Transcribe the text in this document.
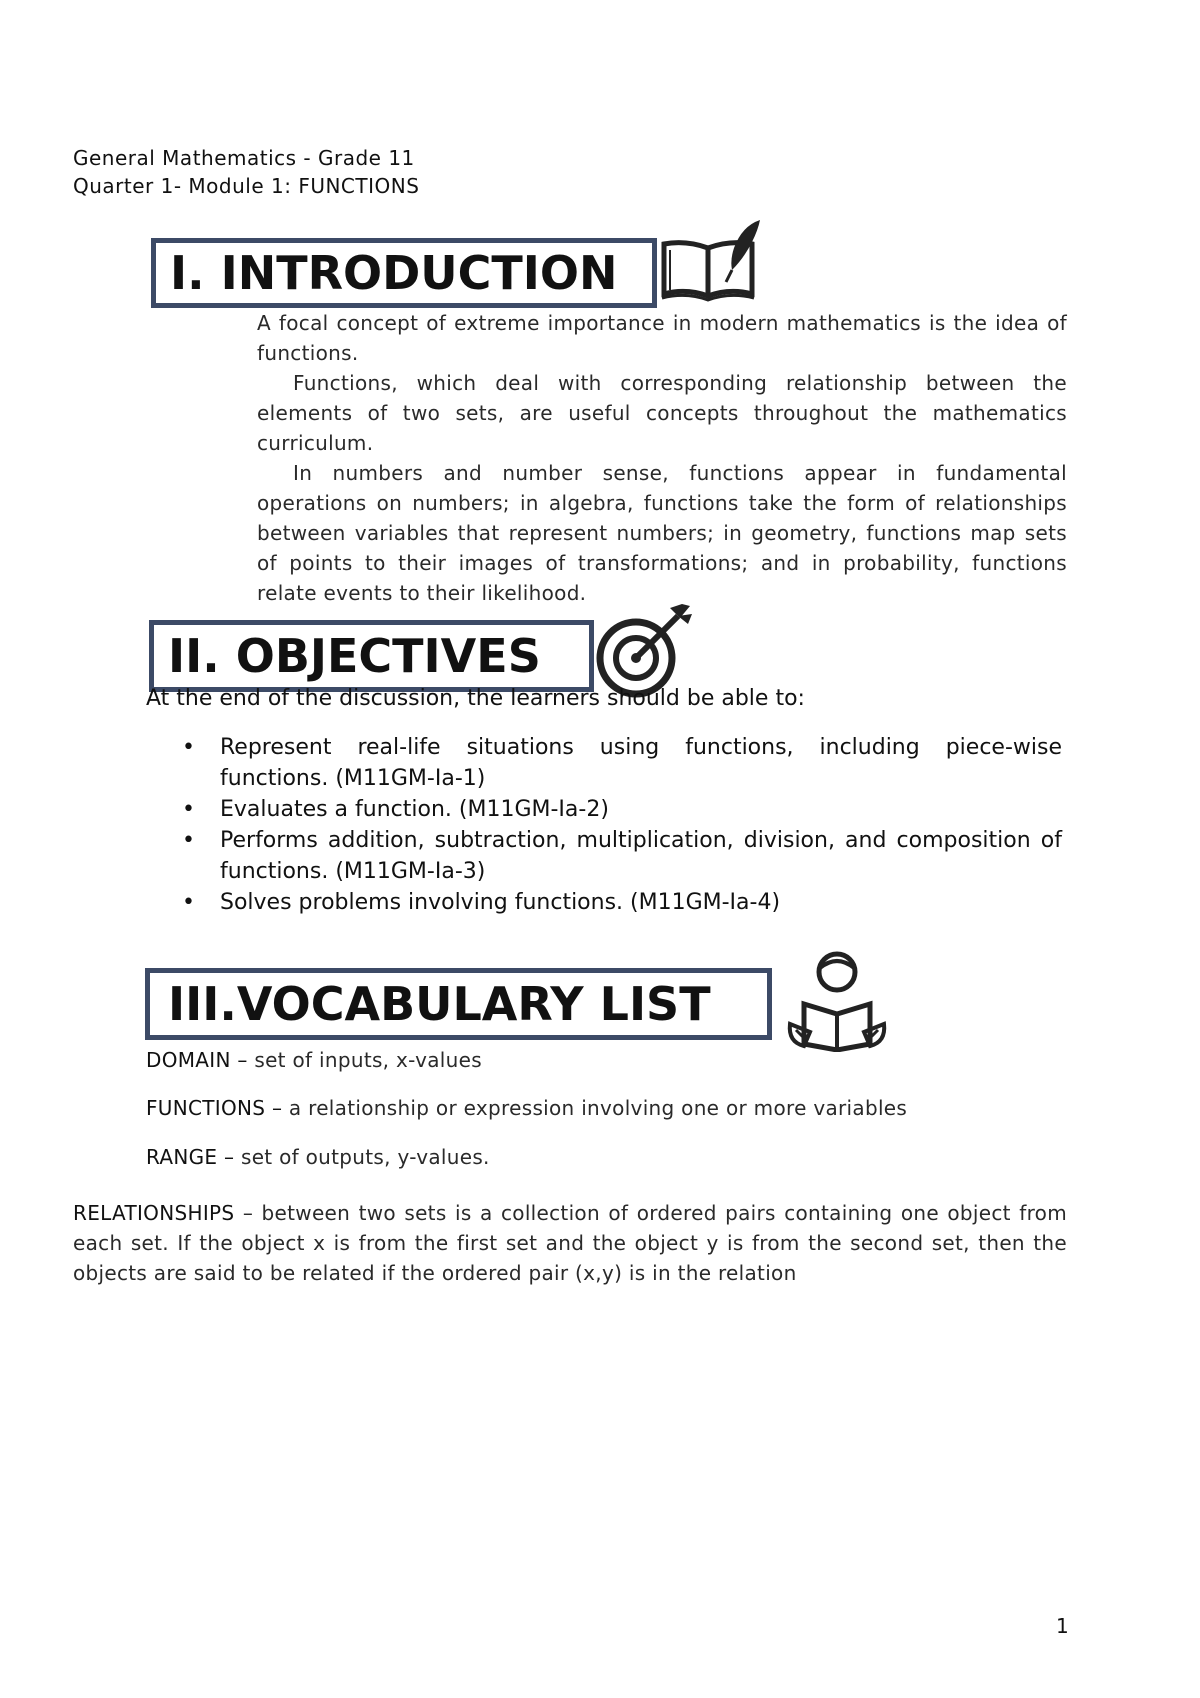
General Mathematics - Grade 11
Quarter 1- Module 1: FUNCTIONS
I. INTRODUCTION
A focal concept of extreme importance in modern mathematics is the idea of functions.
Functions, which deal with corresponding relationship between the elements of two sets, are useful concepts throughout the mathematics curriculum.
In numbers and number sense, functions appear in fundamental operations on numbers; in algebra, functions take the form of relationships between variables that represent numbers; in geometry, functions map sets of points to their images of transformations; and in probability, functions relate events to their likelihood.
II. OBJECTIVES
At the end of the discussion, the learners should be able to:
• Represent real-life situations using functions, including piece-wise functions. (M11GM-Ia-1)
• Evaluates a function. (M11GM-Ia-2)
• Performs addition, subtraction, multiplication, division, and composition of functions. (M11GM-Ia-3)
• Solves problems involving functions. (M11GM-Ia-4)
III.VOCABULARY LIST
DOMAIN – set of inputs, x-values
FUNCTIONS – a relationship or expression involving one or more variables
RANGE – set of outputs, y-values.
RELATIONSHIPS – between two sets is a collection of ordered pairs containing one object from each set. If the object x is from the first set and the object y is from the second set, then the objects are said to be related if the ordered pair (x,y) is in the relation
1
